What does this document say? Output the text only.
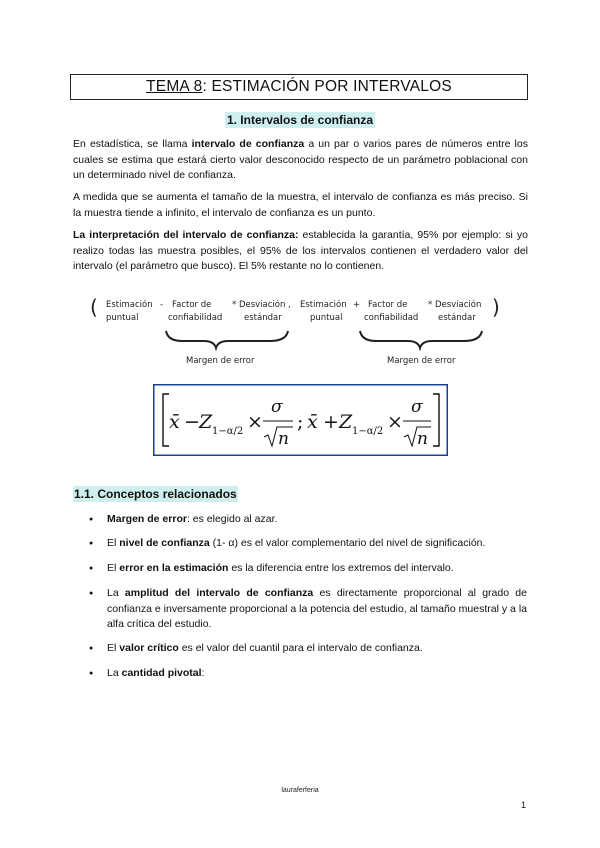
TEMA 8: ESTIMACIÓN POR INTERVALOS
1. Intervalos de confianza

En estadística, se llama intervalo de confianza a un par o varios pares de números entre los cuales se estima que estará cierto valor desconocido respecto de un parámetro poblacional con un determinado nivel de confianza.

A medida que se aumenta el tamaño de la muestra, el intervalo de confianza es más preciso. Si la muestra tiende a infinito, el intervalo de confianza es un punto.

La interpretación del intervalo de confianza: establecida la garantía, 95% por ejemplo: si yo realizo todas las muestra posibles, el 95% de los intervalos contienen el verdadero valor del intervalo (el parámetro que busco). El 5% restante no lo contienen.

( Estimación
puntual
- Factor de
confiabilidad
* Desviación
estándar
, Estimación
puntual
+ Factor de
confiabilidad
* Desviación
estándar )
Margen de error	Margen de error
x̄ − Z 1−α/2 ×
σ
n
; x̄ + Z 1−α/2 ×
σ
n
1.1. Conceptos relacionados
● Margen de error: es elegido al azar.
● El nivel de confianza (1- α) es el valor complementario del nivel de significación.
● El error en la estimación es la diferencia entre los extremos del intervalo.
● La amplitud del intervalo de confianza es directamente proporcional al grado de confianza e inversamente proporcional a la potencia del estudio, al tamaño muestral y a la alfa crítica del estudio.
● El valor crítico es el valor del cuantil para el intervalo de confianza.
● La cantidad pivotal:
lauraferferia
1
